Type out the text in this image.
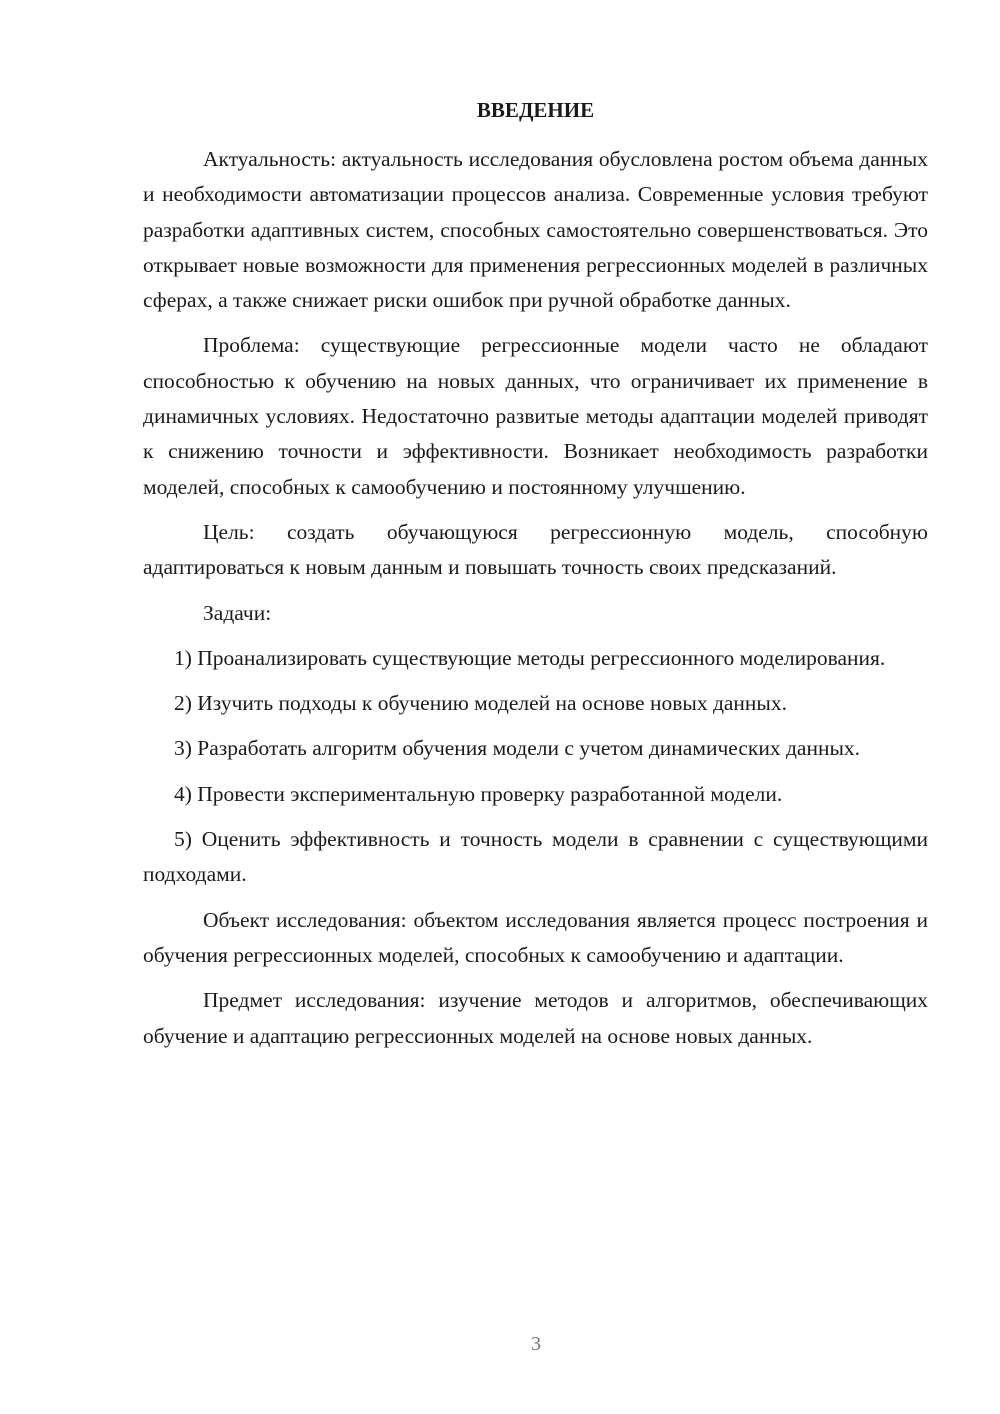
ВВЕДЕНИЕ

Актуальность: актуальность исследования обусловлена ростом объема данных и необходимости автоматизации процессов анализа. Современные условия требуют разработки адаптивных систем, способных самостоятельно совершенствоваться. Это открывает новые возможности для применения регрессионных моделей в различных сферах, а также снижает риски ошибок при ручной обработке данных.

Проблема: существующие регрессионные модели часто не обладают способностью к обучению на новых данных, что ограничивает их применение в динамичных условиях. Недостаточно развитые методы адаптации моделей приводят к снижению точности и эффективности. Возникает необходимость разработки моделей, способных к самообучению и постоянному улучшению.

Цель: создать обучающуюся регрессионную модель, способную адаптироваться к новым данным и повышать точность своих предсказаний.

Задачи:

1) Проанализировать существующие методы регрессионного моделирования.

2) Изучить подходы к обучению моделей на основе новых данных.

3) Разработать алгоритм обучения модели с учетом динамических данных.

4) Провести экспериментальную проверку разработанной модели.

5) Оценить эффективность и точность модели в сравнении с существующими подходами.

Объект исследования: объектом исследования является процесс построения и обучения регрессионных моделей, способных к самообучению и адаптации.

Предмет исследования: изучение методов и алгоритмов, обеспечивающих обучение и адаптацию регрессионных моделей на основе новых данных.

3
